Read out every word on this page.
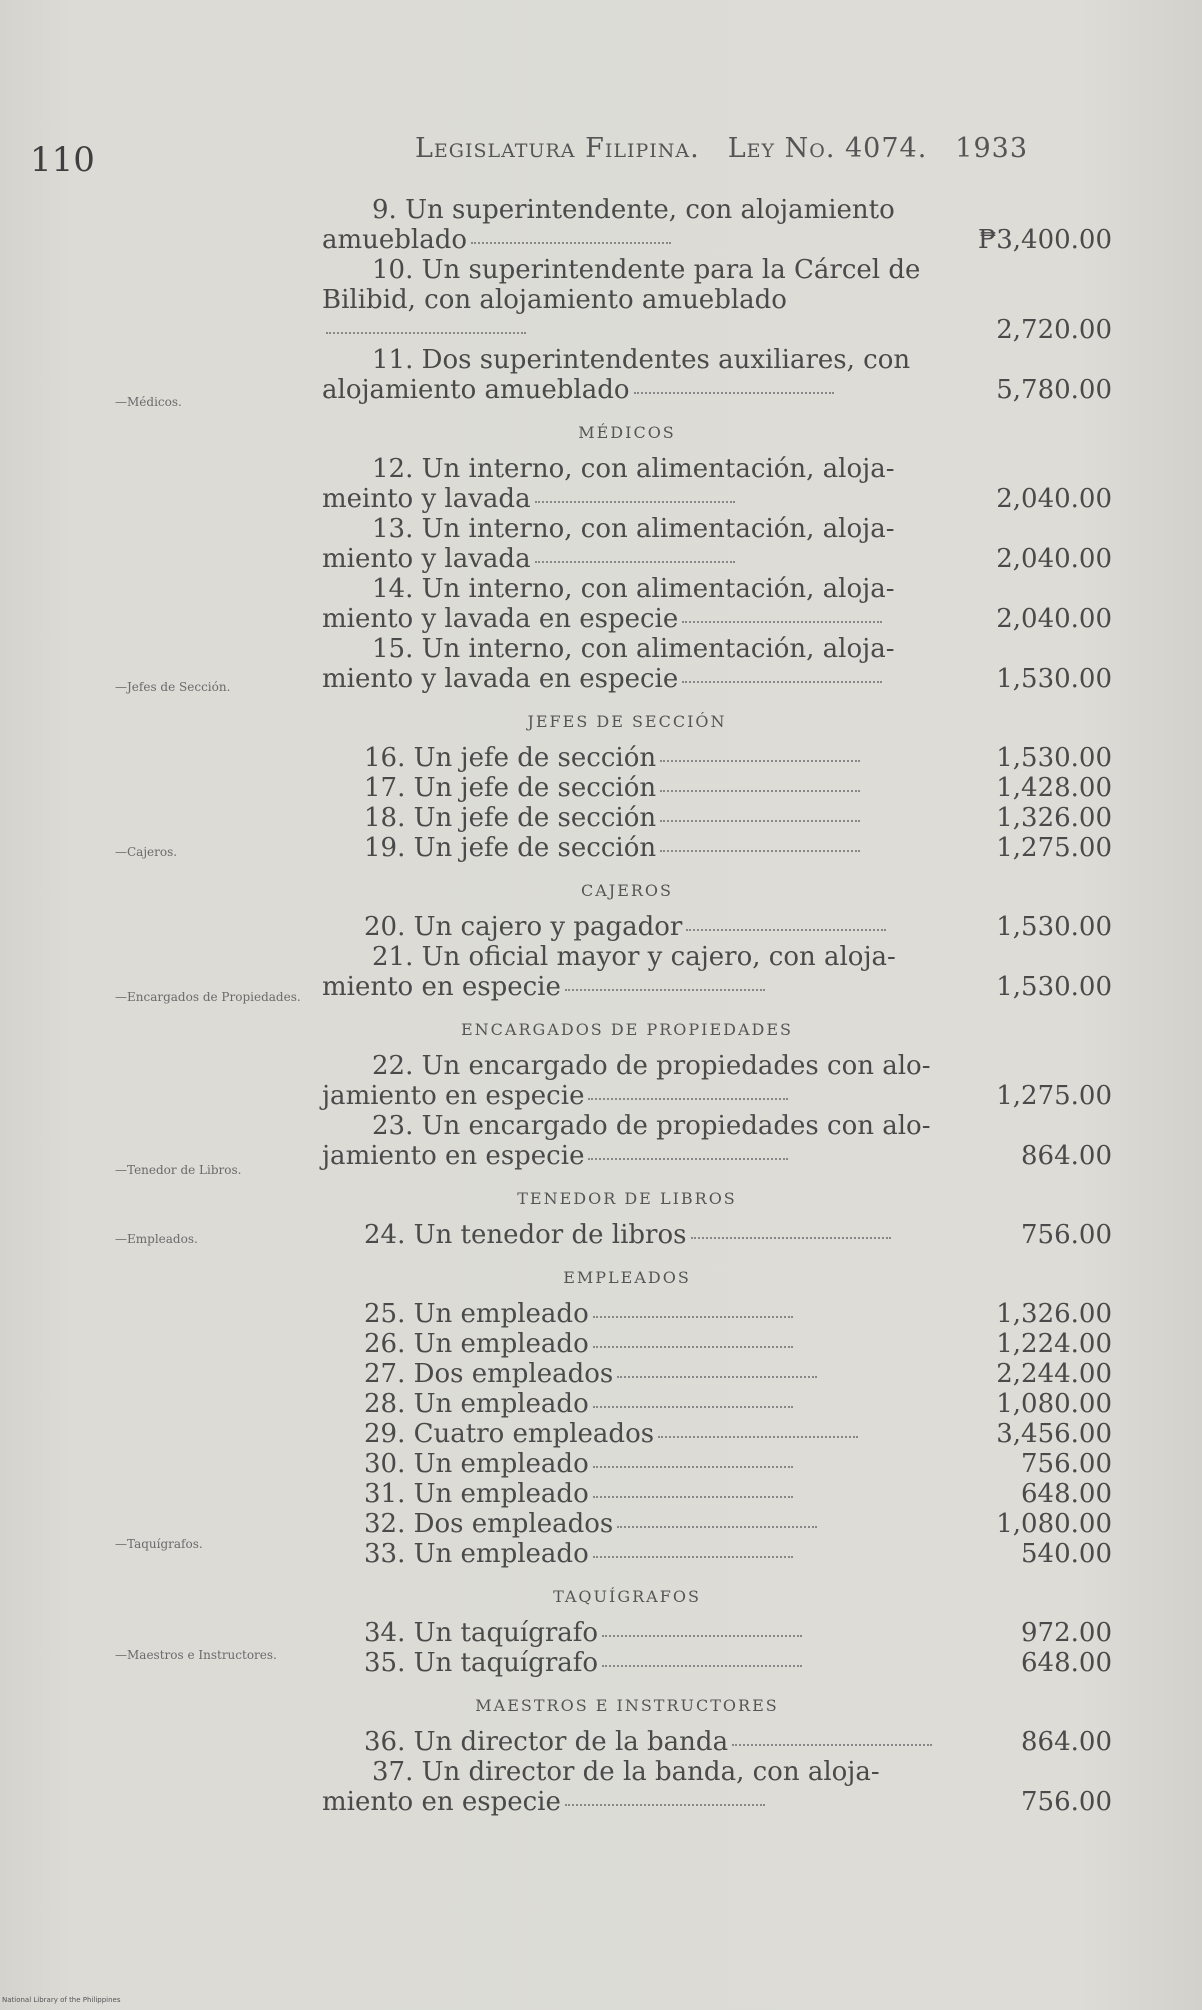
110	Legislatura Filipina. Ley No. 4074. 1933
9. Un superintendente, con alojamiento
amueblado	₱3,400.00
10. Un superintendente para la Cárcel de
Bilibid, con alojamiento amueblado
2,720.00
11. Dos superintendentes auxiliares, con
alojamiento amueblado	5,780.00
MÉDICOS
12. Un interno, con alimentación, aloja-
meinto y lavada	2,040.00
13. Un interno, con alimentación, aloja-
miento y lavada	2,040.00
14. Un interno, con alimentación, aloja-
miento y lavada en especie	2,040.00
15. Un interno, con alimentación, aloja-
miento y lavada en especie	1,530.00
JEFES DE SECCIÓN
16. Un jefe de sección	1,530.00
17. Un jefe de sección	1,428.00
18. Un jefe de sección	1,326.00
19. Un jefe de sección	1,275.00
CAJEROS
20. Un cajero y pagador	1,530.00
21. Un oficial mayor y cajero, con aloja-
miento en especie	1,530.00
ENCARGADOS DE PROPIEDADES
22. Un encargado de propiedades con alo-
jamiento en especie	1,275.00
23. Un encargado de propiedades con alo-
jamiento en especie	864.00
TENEDOR DE LIBROS
24. Un tenedor de libros	756.00
EMPLEADOS
25. Un empleado	1,326.00
26. Un empleado	1,224.00
27. Dos empleados	2,244.00
28. Un empleado	1,080.00
29. Cuatro empleados	3,456.00
30. Un empleado	756.00
31. Un empleado	648.00
32. Dos empleados	1,080.00
33. Un empleado	540.00
TAQUÍGRAFOS
34. Un taquígrafo	972.00
35. Un taquígrafo	648.00
MAESTROS E INSTRUCTORES
36. Un director de la banda	864.00
37. Un director de la banda, con aloja-
miento en especie	756.00
—Médicos.
—Jefes de Sección.
—Cajeros.
—Encargados de Propiedades.
—Tenedor de Libros.
—Empleados.
—Taquígrafos.
—Maestros e Instructores.
National Library of the Philippines
